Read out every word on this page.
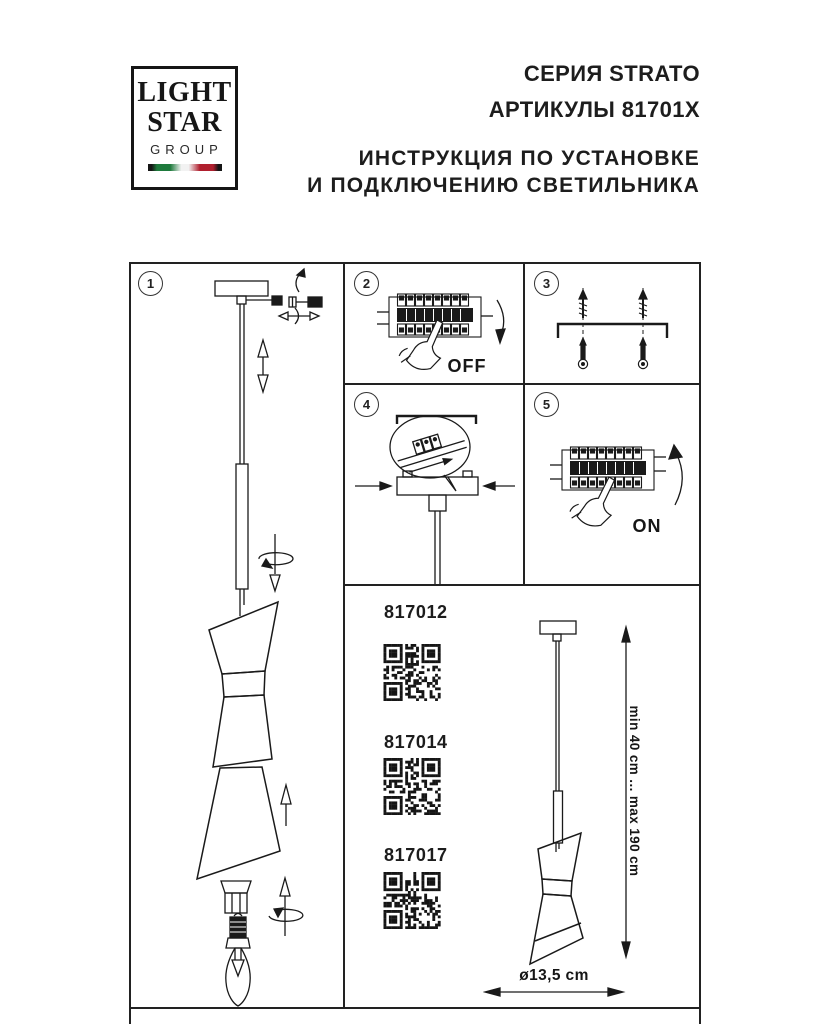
LIGHT
STAR
GROUP
СЕРИЯ STRATO
АРТИКУЛЫ 81701X
ИНСТРУКЦИЯ ПО УСТАНОВКЕ
И ПОДКЛЮЧЕНИЮ СВЕТИЛЬНИКА
1	2
OFF
3
4	5
ON
817012
817014
817017	min 40 cm ... max 190 cm
ø13,5 cm
